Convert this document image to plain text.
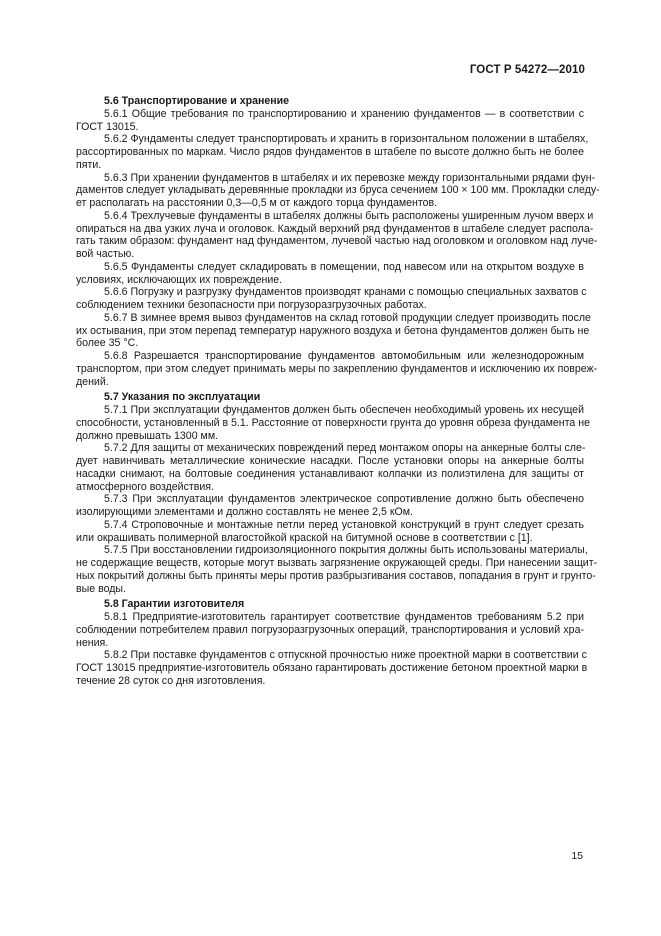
ГОСТ Р 54272—2010
5.6 Транспортирование и хранение
5.6.1 Общие требования по транспортированию и хранению фундаментов — в соответствии с
ГОСТ 13015.
5.6.2 Фундаменты следует транспортировать и хранить в горизонтальном положении в штабелях,
рассортированных по маркам. Число рядов фундаментов в штабеле по высоте должно быть не более
пяти.
5.6.3 При хранении фундаментов в штабелях и их перевозке между горизонтальными рядами фун-
даментов следует укладывать деревянные прокладки из бруса сечением 100 × 100 мм. Прокладки следу-
ет располагать на расстоянии 0,3—0,5 м от каждого торца фундаментов.
5.6.4 Трехлучевые фундаменты в штабелях должны быть расположены уширенным лучом вверх и
опираться на два узких луча и оголовок. Каждый верхний ряд фундаментов в штабеле следует располa-
гать таким образом: фундамент над фундаментом, лучевой частью над оголовком и оголовком над луче-
вой частью.
5.6.5 Фундаменты следует складировать в помещении, под навесом или на открытом воздухе в
условиях, исключающих их повреждение.
5.6.6 Погрузку и разгрузку фундаментов производят кранами с помощью специальных захватов с
соблюдением техники безопасности при погрузоразгрузочных работах.
5.6.7 В зимнее время вывоз фундаментов на склад готовой продукции следует производить после
их остывания, при этом перепад температур наружного воздуха и бетона фундаментов должен быть не
более 35 °С.
5.6.8 Разрешается транспортирование фундаментов автомобильным или железнодорожным
транспортом, при этом следует принимать меры по закреплению фундаментов и исключению их повреж-
дений.
5.7 Указания по эксплуатации
5.7.1 При эксплуатации фундаментов должен быть обеспечен необходимый уровень их несущей
способности, установленный в 5.1. Расстояние от поверхности грунта до уровня обреза фундамента не
должно превышать 1300 мм.
5.7.2 Для защиты от механических повреждений перед монтажом опоры на анкерные болты сле-
дует навинчивать металлические конические насадки. После установки опоры на анкерные болты
насадки снимают, на болтовые соединения устанавливают колпачки из полиэтилена для защиты от
атмосферного воздействия.
5.7.3 При эксплуатации фундаментов электрическое сопротивление должно быть обеспечено
изолирующими элементами и должно составлять не менее 2,5 кОм.
5.7.4 Строповочные и монтажные петли перед установкой конструкций в грунт следует срезать
или окрашивать полимерной влагостойкой краской на битумной основе в соответствии с [1].
5.7.5 При восстановлении гидроизоляционного покрытия должны быть использованы материалы,
не содержащие веществ, которые могут вызвать загрязнение окружающей среды. При нанесении защит-
ных покрытий должны быть приняты меры против разбрызгивания составов, попадания в грунт и грунто-
вые воды.
5.8 Гарантии изготовителя
5.8.1 Предприятие-изготовитель гарантирует соответствие фундаментов требованиям 5.2 при
соблюдении потребителем правил погрузоразгрузочных операций, транспортирования и условий хра-
нения.
5.8.2 При поставке фундаментов с отпускной прочностью ниже проектной марки в соответствии с
ГОСТ 13015 предприятие-изготовитель обязано гарантировать достижение бетоном проектной марки в
течение 28 суток со дня изготовления.
15
